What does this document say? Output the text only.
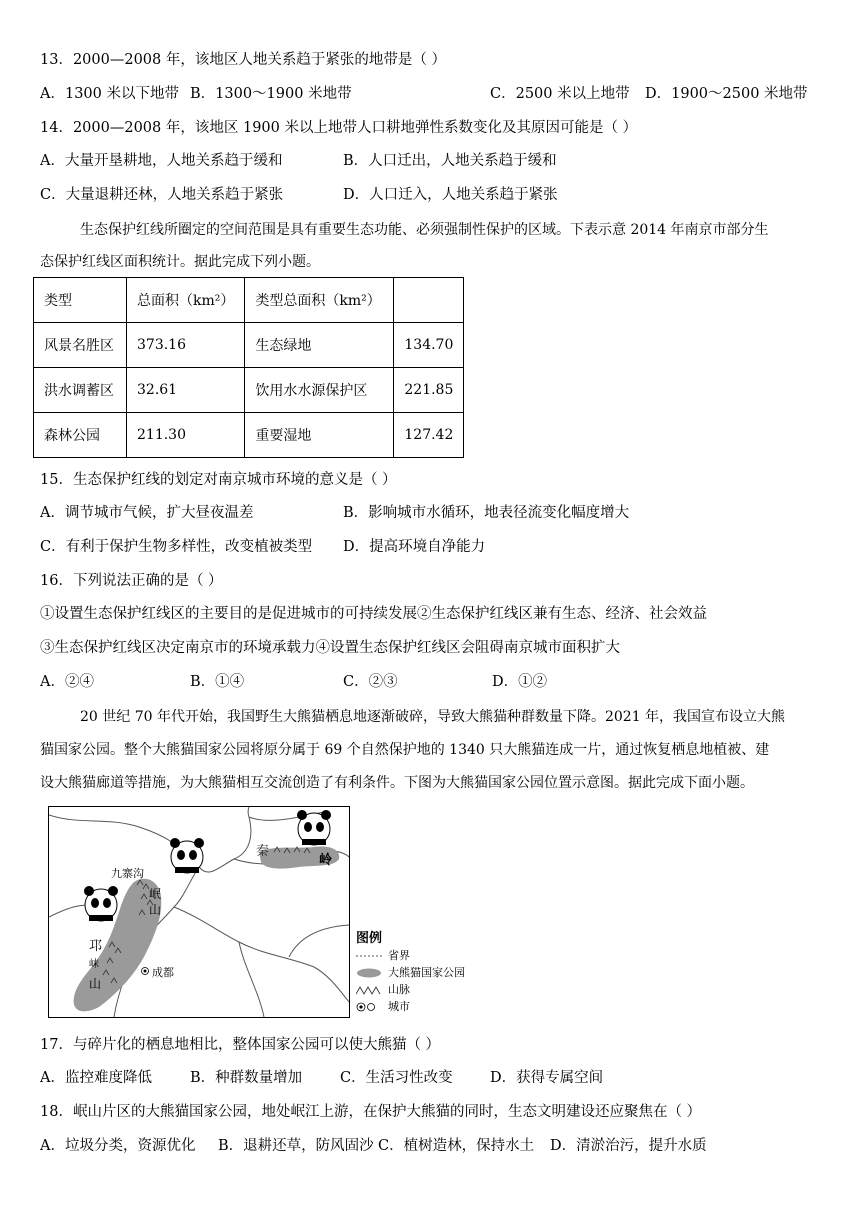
13．2000—2008 年，该地区人地关系趋于紧张的地带是（ ）
A．1300 米以下地带 B．1300～1900 米地带	C．2500 米以上地带 D．1900～2500 米地带
14．2000—2008 年，该地区 1900 米以上地带人口耕地弹性系数变化及其原因可能是（ ）
A．大量开垦耕地，人地关系趋于缓和	B．人口迁出，人地关系趋于缓和
C．大量退耕还林，人地关系趋于紧张	D．人口迁入，人地关系趋于紧张
生态保护红线所圈定的空间范围是具有重要生态功能、必须强制性保护的区域。下表示意 2014 年南京市部分生
态保护红线区面积统计。据此完成下列小题。
类型	总面积（km²）	类型总面积（km²）	
风景名胜区	373.16	生态绿地	134.70
洪水调蓄区	32.61	饮用水水源保护区	221.85
森林公园	211.30	重要湿地	127.42
15．生态保护红线的划定对南京城市环境的意义是（ ）
A．调节城市气候，扩大昼夜温差	B．影响城市水循环，地表径流变化幅度增大
C．有利于保护生物多样性，改变植被类型 D．提高环境自净能力
16．下列说法正确的是（ ）
①设置生态保护红线区的主要目的是促进城市的可持续发展②生态保护红线区兼有生态、经济、社会效益
③生态保护红线区决定南京市的环境承载力④设置生态保护红线区会阻碍南京城市面积扩大
A．②④	B．①④	C．②③	D．①②
20 世纪 70 年代开始，我国野生大熊猫栖息地逐渐破碎，导致大熊猫种群数量下降。2021 年，我国宣布设立大熊
猫国家公园。整个大熊猫国家公园将原分属于 69 个自然保护地的 1340 只大熊猫连成一片，通过恢复栖息地植被、建
设大熊猫廊道等措施，为大熊猫相互交流创造了有利条件。下图为大熊猫国家公园位置示意图。据此完成下面小题。
九寨沟
岷
山
邛
崃
山
成都
秦
岭
图例
省界
大熊猫国家公园
山脉
城市
17．与碎片化的栖息地相比，整体国家公园可以使大熊猫（ ）
A．监控难度降低	B．种群数量增加	C．生活习性改变	D．获得专属空间
18．岷山片区的大熊猫国家公园，地处岷江上游，在保护大熊猫的同时，生态文明建设还应聚焦在（ ）
A．垃圾分类，资源优化 B．退耕还草，防风固沙 C．植树造林，保持水土 D．清淤治污，提升水质
